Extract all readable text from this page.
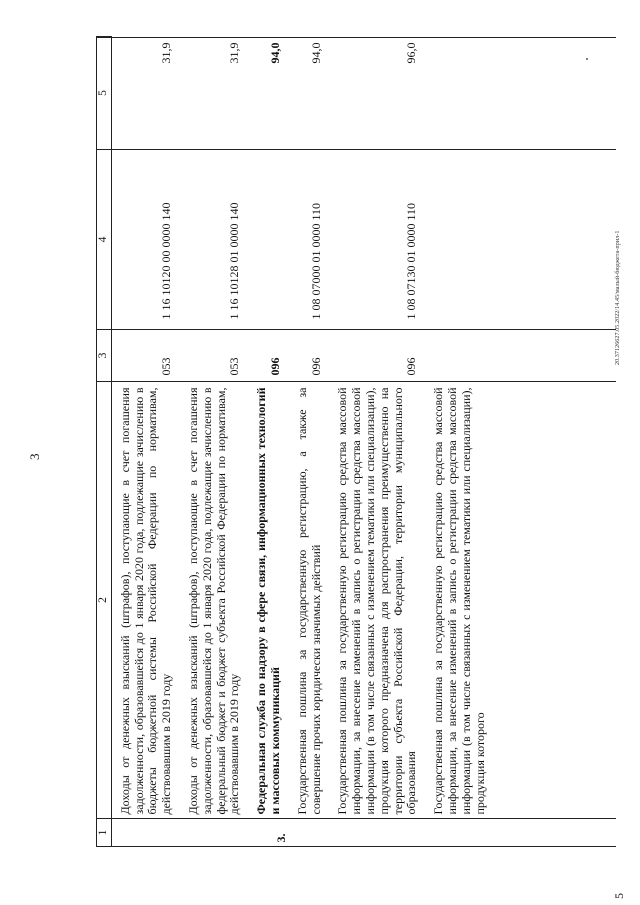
3
1	2	3	4	5
	Доходы от денежных взысканий (штрафов), поступающие в счет погашения задолженности, образовавшейся до 1 января 2020 года, подлежащие зачислению в бюджеты бюджетной системы Российской Федерации по нормативам, действовавшим в 2019 году	053	1 16 10120 00 0000 140	31,9
	Доходы от денежных взысканий (штрафов), поступающие в счет погашения задолженности, образовавшейся до 1 января 2020 года, подлежащие зачислению в федеральный бюджет и бюджет субъекта Российской Федерации по нормативам, действовавшим в 2019 году	053	1 16 10128 01 0000 140	31,9
3.	Федеральная служба по надзору в сфере связи, информационных технологий и массовых коммуникаций	096		94,0
	Государственная пошлина за государственную регистрацию, а также за совершение прочих юридически значимых действий	096	1 08 07000 01 0000 110	94,0
	Государственная пошлина за государственную регистрацию средства массовой информации, за внесение изменений в запись о регистрации средства массовой информации (в том числе связанных с изменением тематики или специализации), продукция которого предназначена для распространения преимущественно на территории субъекта Российской Федерации, территории муниципального образования	096	1 08 07130 01 0000 110	96,0
	Государственная пошлина за государственную регистрацию средства массовой информации, за внесение изменений в запись о регистрации средства массовой информации (в том числе связанных с изменением тематики или специализации), продукция которого			
20.37126627.05.2022/14.45/малый-бюджета-прил-1
5
